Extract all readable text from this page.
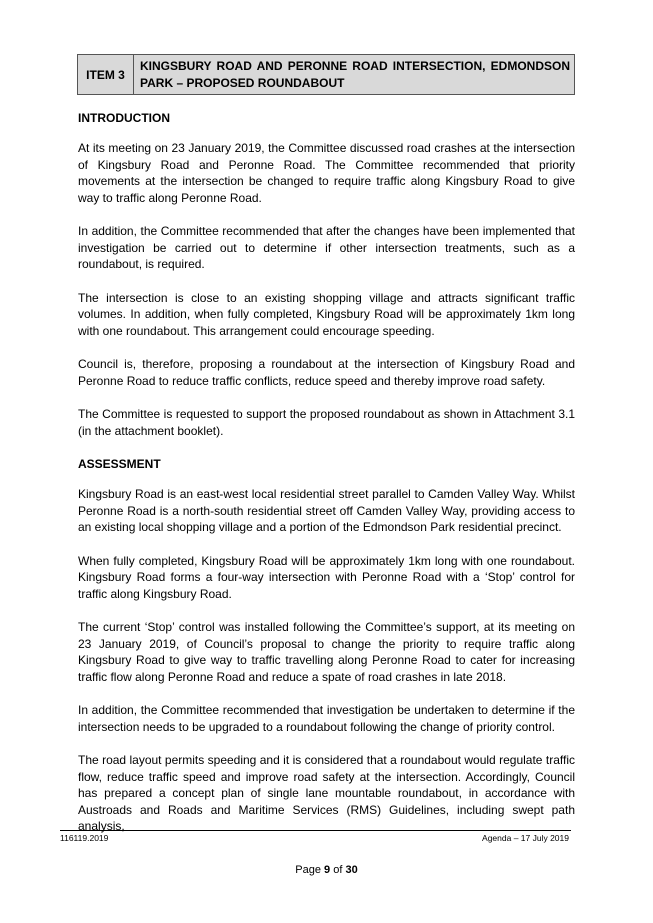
ITEM 3
KINGSBURY ROAD AND PERONNE ROAD INTERSECTION, EDMONDSON PARK – PROPOSED ROUNDABOUT
INTRODUCTION

At its meeting on 23 January 2019, the Committee discussed road crashes at the intersection of Kingsbury Road and Peronne Road. The Committee recommended that priority movements at the intersection be changed to require traffic along Kingsbury Road to give way to traffic along Peronne Road.

In addition, the Committee recommended that after the changes have been implemented that investigation be carried out to determine if other intersection treatments, such as a roundabout, is required.

The intersection is close to an existing shopping village and attracts significant traffic volumes. In addition, when fully completed, Kingsbury Road will be approximately 1km long with one roundabout. This arrangement could encourage speeding.

Council is, therefore, proposing a roundabout at the intersection of Kingsbury Road and Peronne Road to reduce traffic conflicts, reduce speed and thereby improve road safety.

The Committee is requested to support the proposed roundabout as shown in Attachment 3.1 (in the attachment booklet).

ASSESSMENT

Kingsbury Road is an east-west local residential street parallel to Camden Valley Way. Whilst Peronne Road is a north-south residential street off Camden Valley Way, providing access to an existing local shopping village and a portion of the Edmondson Park residential precinct.

When fully completed, Kingsbury Road will be approximately 1km long with one roundabout. Kingsbury Road forms a four-way intersection with Peronne Road with a ‘Stop’ control for traffic along Kingsbury Road.

The current ‘Stop’ control was installed following the Committee’s support, at its meeting on 23 January 2019, of Council’s proposal to change the priority to require traffic along Kingsbury Road to give way to traffic travelling along Peronne Road to cater for increasing traffic flow along Peronne Road and reduce a spate of road crashes in late 2018.

In addition, the Committee recommended that investigation be undertaken to determine if the intersection needs to be upgraded to a roundabout following the change of priority control.

The road layout permits speeding and it is considered that a roundabout would regulate traffic flow, reduce traffic speed and improve road safety at the intersection. Accordingly, Council has prepared a concept plan of single lane mountable roundabout, in accordance with Austroads and Roads and Maritime Services (RMS) Guidelines, including swept path analysis,

116119.2019	Agenda – 17 July 2019
Page 9 of 30
